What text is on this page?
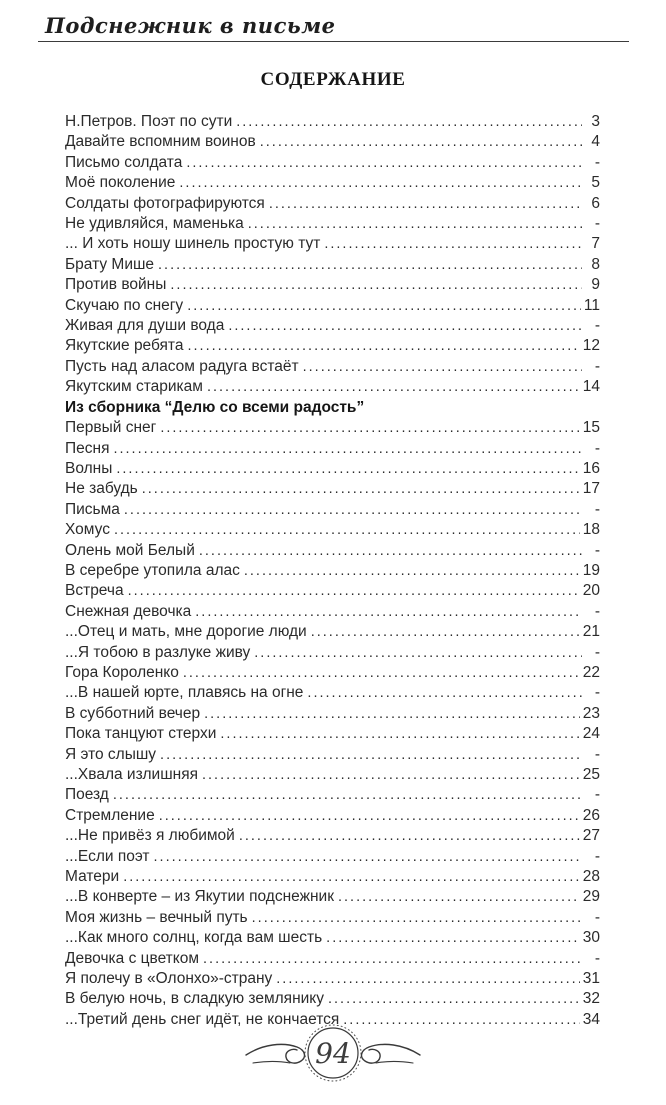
Подснежник в письме
СОДЕРЖАНИЕ
Н.Петров. Поэт по сути .....	3
Давайте вспомним воинов .....	4
Письмо солдата .....	-
Моё поколение .....	5
Солдаты фотографируются .....	6
Не удивляйся, маменька .....	-
... И хоть ношу шинель простую тут .....	7
Брату Мише .....	8
Против войны .....	9
Скучаю по снегу .....	11
Живая для души вода .....	-
Якутские ребята .....	12
Пусть над аласом радуга встаёт .....	-
Якутским старикам .....	14
Из сборника “Делю со всеми радость”
Первый снег .....	15
Песня .....	-
Волны .....	16
Не забудь .....	17
Письма .....	-
Хомус .....	18
Олень мой Белый .....	-
В серебре утопила алас .....	19
Встреча .....	20
Снежная девочка .....	-
...Отец и мать, мне дорогие люди .....	21
...Я тобою в разлуке живу .....	-
Гора Короленко .....	22
...В нашей юрте, плавясь на огне .....	-
В субботний вечер .....	23
Пока танцуют стерхи .....	24
Я это слышу .....	-
...Хвала излишняя .....	25
Поезд .....	-
Стремление .....	26
...Не привёз я любимой .....	27
...Если поэт .....	-
Матери .....	28
...В конверте – из Якутии подснежник .....	29
Моя жизнь – вечный путь .....	-
...Как много солнц, когда вам шесть .....	30
Девочка с цветком .....	-
Я полечу в «Олонхо»-страну .....	31
В белую ночь, в сладкую землянику .....	32
...Третий день снег идёт, не кончается .....	34
94
